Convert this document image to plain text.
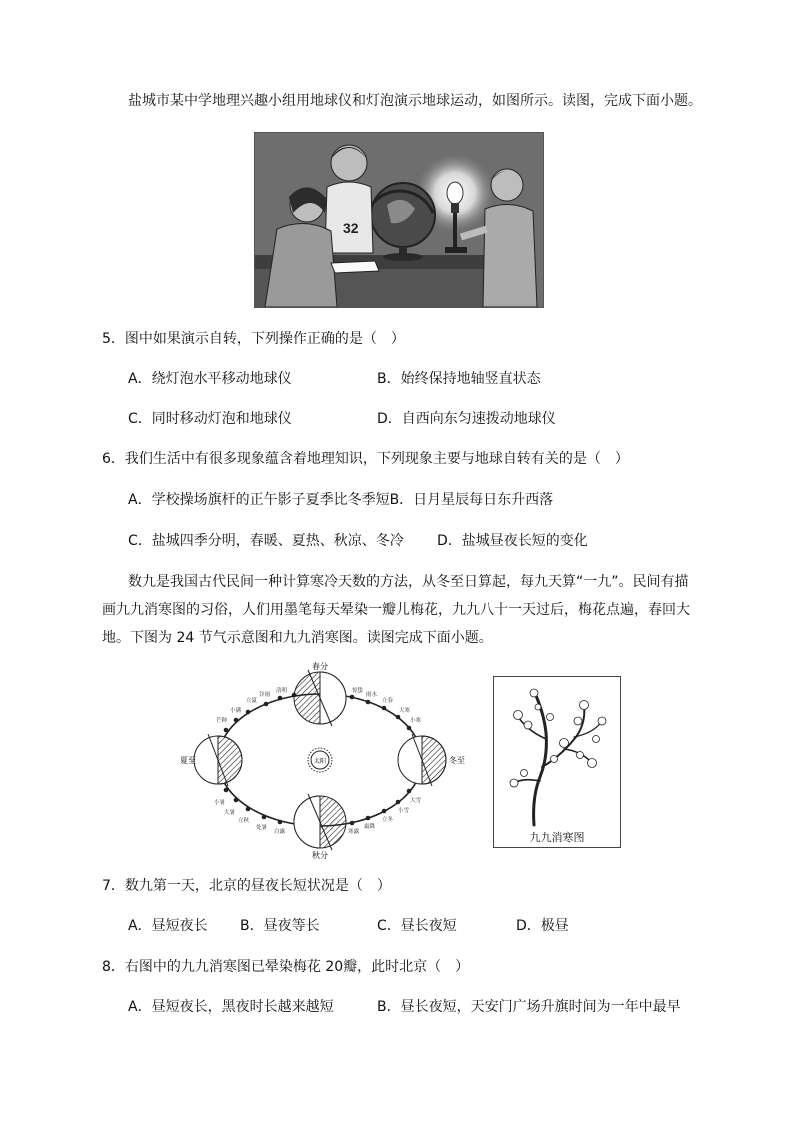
盐城市某中学地理兴趣小组用地球仪和灯泡演示地球运动，如图所示。读图，完成下面小题。
32
5．图中如果演示自转，下列操作正确的是（　）
A．绕灯泡水平移动地球仪	B．始终保持地轴竖直状态
C．同时移动灯泡和地球仪	D．自西向东匀速拨动地球仪
6．我们生活中有很多现象蕴含着地理知识，下列现象主要与地球自转有关的是（　）
A．学校操场旗杆的正午影子夏季比冬季短B．日月星辰每日东升西落
C．盐城四季分明，春暖、夏热、秋凉、冬冷 D．盐城昼夜长短的变化
数九是我国古代民间一种计算寒冷天数的方法，从冬至日算起，每九天算“一九”。民间有描
画九九消寒图的习俗，人们用墨笔每天晕染一瓣儿梅花，九九八十一天过后，梅花点遍，春回大
地。下图为 24 节气示意图和九九消寒图。读图完成下面小题。
太阳
春分
秋分
夏至	冬至
清明
谷雨
立夏
小满
芒种
惊蛰
雨水
立春
大寒
小寒
小暑
大暑
立秋
处暑
白露	寒露
霜降
立冬
小雪
大雪
九九消寒图
7．数九第一天，北京的昼夜长短状况是（　）
A．昼短夜长 B．昼夜等长	C．昼长夜短	D．极昼
8．右图中的九九消寒图已晕染梅花 20瓣，此时北京（　）
A．昼短夜长，黑夜时长越来越短	B．昼长夜短，天安门广场升旗时间为一年中最早
